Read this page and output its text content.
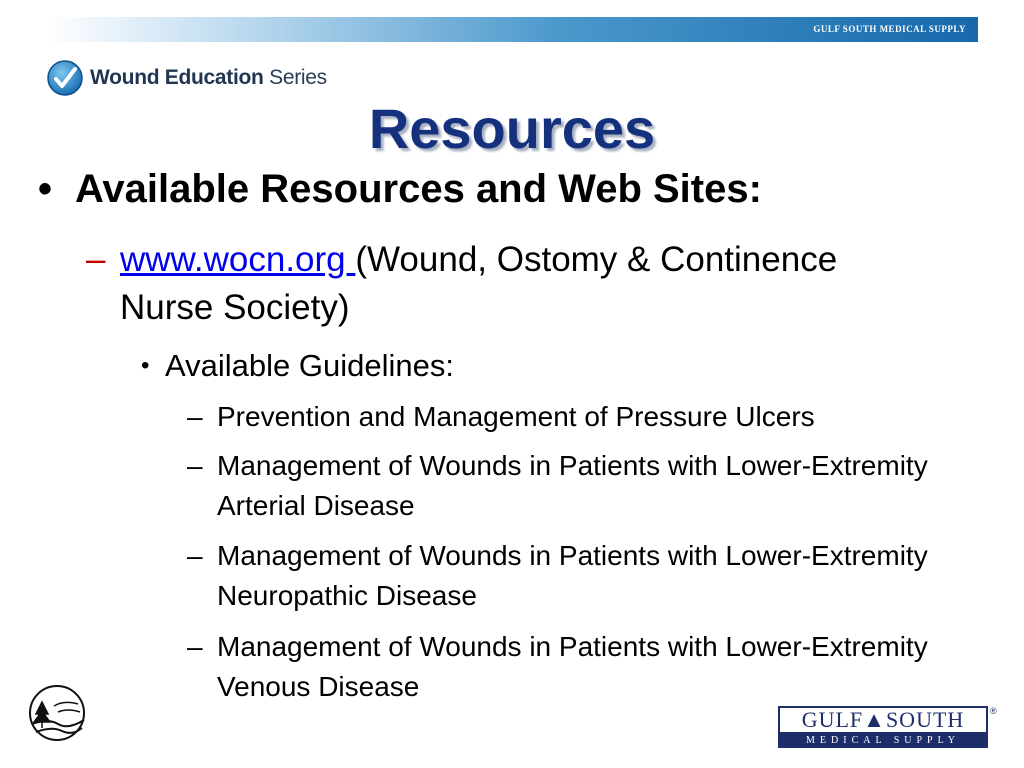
GULF SOUTH MEDICAL SUPPLY
Wound Education Series
Resources
• Available Resources and Web Sites:
– www.wocn.org (Wound, Ostomy & Continence Nurse Society)
• Available Guidelines:
– Prevention and Management of Pressure Ulcers
– Management of Wounds in Patients with Lower-Extremity Arterial Disease
– Management of Wounds in Patients with Lower-Extremity Neuropathic Disease
– Management of Wounds in Patients with Lower-Extremity Venous Disease
GULF▲SOUTH
MEDICAL SUPPLY
®
